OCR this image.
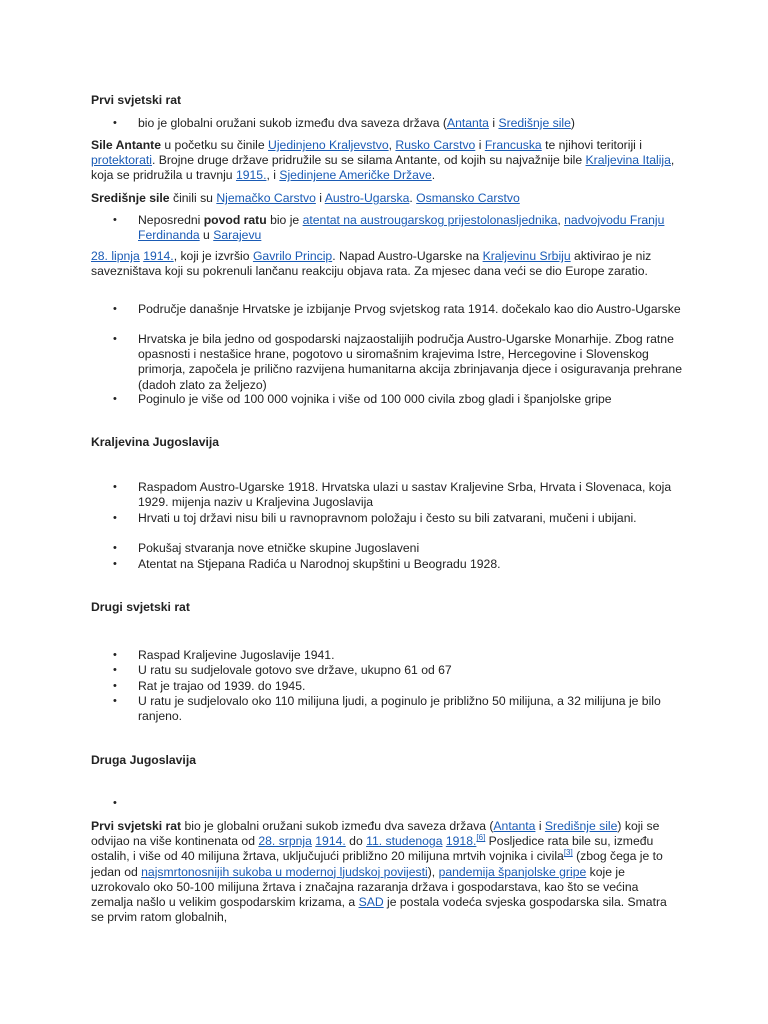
Prvi svjetski rat
• bio je globalni oružani sukob između dva saveza država (Antanta i Središnje sile)
Sile Antante u početku su činile Ujedinjeno Kraljevstvo, Rusko Carstvo i Francuska te njihovi teritoriji i protektorati. Brojne druge države pridružile su se silama Antante, od kojih su najvažnije bile Kraljevina Italija, koja se pridružila u travnju 1915., i Sjedinjene Američke Države.
Središnje sile činili su Njemačko Carstvo i Austro-Ugarska. Osmansko Carstvo
• Neposredni povod ratu bio je atentat na austrougarskog prijestolonasljednika, nadvojvodu Franju Ferdinanda u Sarajevu
28. lipnja 1914., koji je izvršio Gavrilo Princip. Napad Austro-Ugarske na Kraljevinu Srbiju aktivirao je niz savezništava koji su pokrenuli lančanu reakciju objava rata. Za mjesec dana veći se dio Europe zaratio.
• Područje današnje Hrvatske je izbijanje Prvog svjetskog rata 1914. dočekalo kao dio Austro-Ugarske
• Hrvatska je bila jedno od gospodarski najzaostalijih područja Austro-Ugarske Monarhije. Zbog ratne opasnosti i nestašice hrane, pogotovo u siromašnim krajevima Istre, Hercegovine i Slovenskog primorja, započela je prilično razvijena humanitarna akcija zbrinjavanja djece i osiguravanja prehrane (dadoh zlato za željezo)
• Poginulo je više od 100 000 vojnika i više od 100 000 civila zbog gladi i španjolske gripe
Kraljevina Jugoslavija
• Raspadom Austro-Ugarske 1918. Hrvatska ulazi u sastav Kraljevine Srba, Hrvata i Slovenaca, koja 1929. mijenja naziv u Kraljevina Jugoslavija
• Hrvati u toj državi nisu bili u ravnopravnom položaju i često su bili zatvarani, mučeni i ubijani.
• Pokušaj stvaranja nove etničke skupine Jugoslaveni
• Atentat na Stjepana Radića u Narodnoj skupštini u Beogradu 1928.
Drugi svjetski rat
• Raspad Kraljevine Jugoslavije 1941.
• U ratu su sudjelovale gotovo sve države, ukupno 61 od 67
• Rat je trajao od 1939. do 1945.
• U ratu je sudjelovalo oko 110 milijuna ljudi, a poginulo je približno 50 milijuna, a 32 milijuna je bilo ranjeno.
Druga Jugoslavija
•
Prvi svjetski rat bio je globalni oružani sukob između dva saveza država (Antanta i Središnje sile) koji se odvijao na više kontinenata od 28. srpnja 1914. do 11. studenoga 1918.[6] Posljedice rata bile su, između ostalih, i više od 40 milijuna žrtava, uključujući približno 20 milijuna mrtvih vojnika i civila[3] (zbog čega je to jedan od najsmrtonosnijih sukoba u modernoj ljudskoj povijesti), pandemija španjolske gripe koje je uzrokovalo oko 50-100 milijuna žrtava i značajna razaranja država i gospodarstava, kao što se većina zemalja našlo u velikim gospodarskim krizama, a SAD je postala vodeća svjeska gospodarska sila. Smatra se prvim ratom globalnih,
